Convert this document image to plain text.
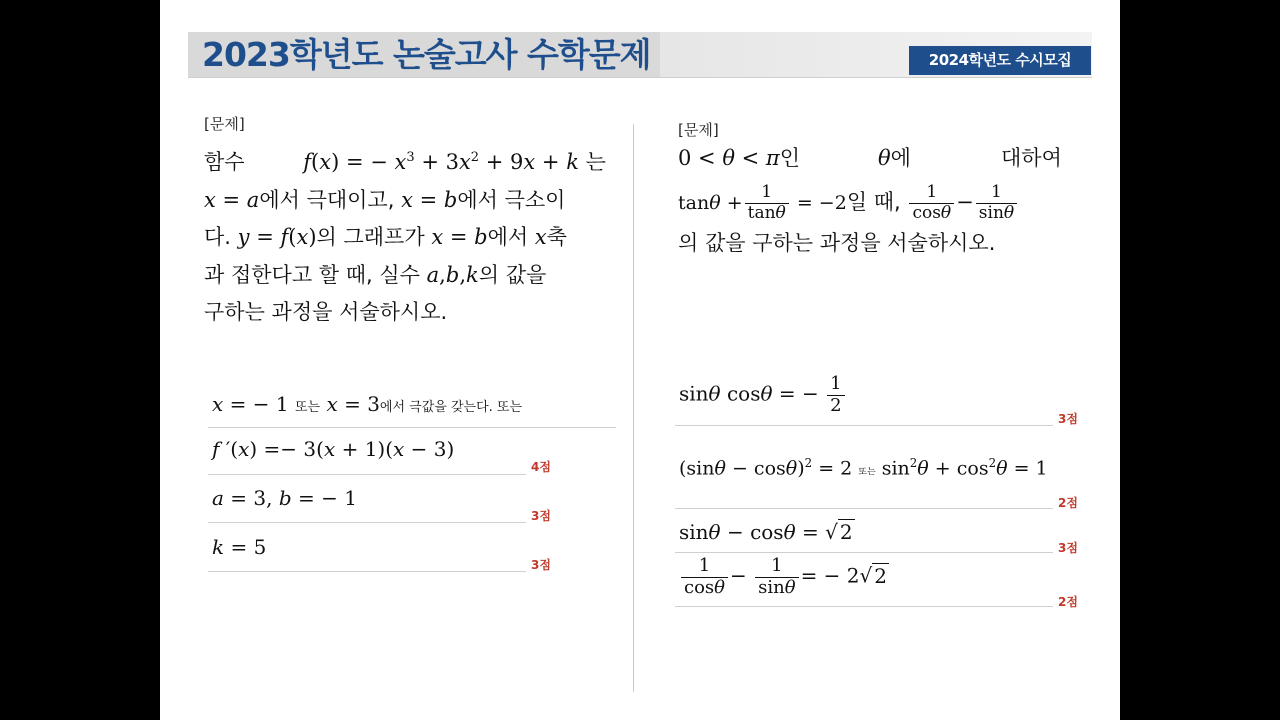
2023학년도 논술고사 수학문제	2024학년도 수시모집
[문제]
함수	f(x) = − $x^3 + 3x^2 + 9x + k$ 는
x = a에서 극대이고, x = b에서 극소이
다. y = f(x)의 그래프가 x = b에서 x축
과 접한다고 할 때, 실수 a,b,k의 값을
구하는 과정을 서술하시오.
x = − 1 또는 x = 3에서 극값을 갖는다. 또는
f ′(x) =− 3(x + 1)(x − 3)
4점
a = 3, b = − 1
3점
k = 5
3점
[문제]
0 < θ < π인	θ에	대하여
$\tan\theta + \frac{1}{\tan\theta} = -2$일 때, $\frac{1}{\cos\theta} - \frac{1}{\sin\theta}$
의 값을 구하는 과정을 서술하시오.
sinθ cosθ = − $\frac{1}{2}$
3점
$(\sin\theta - \cos\theta)^2 = 2$ 또는 $\sin^2\theta + \cos^2\theta = 1$
2점
sinθ − cosθ = √ 2
3점
$\frac{1}{\cos\theta} - \frac{1}{\sin\theta}$ = − 2√ 2
2점
